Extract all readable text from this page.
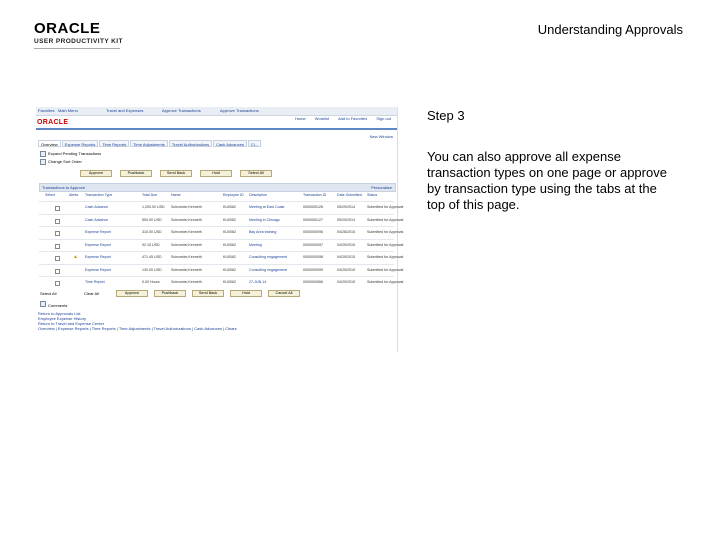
ORACLE
USER PRODUCTIVITY KIT
Understanding Approvals
Favorites Main Menu	Travel and Expenses	Approve Transactions	Approve Transactions
ORACLE
Home Worklist Add to Favorites Sign out
New Window
Overview	Expense Reports	Time Reports	Time Adjustments	Travel Authorizations	Cash Advances	Cl...
Expand Pending Transactions
Change Sort Order
Approve	Pushback	Send Back	Hold	Select All
Transactions to Approve	Personalize
Select	Alerts Transaction Type	Total Due	Name	Employee ID Description	Transaction ID	Date Submitted Status
Cash Advance	1,200.00 USD Schroeder,Kenneth	KU0062	Meeting at East Coast	0000000126	05/29/2014	Submitted for Approval
Cash Advance	500.00 USD	Schroeder,Kenneth	KU0062	Meeting in Chicago	0000000127	05/29/2014	Submitted for Approval
Expense Report	310.00 USD	Schroeder,Kenneth	KU0062	Bay Area training	0000000096	04/28/2015	Submitted for Approval
Expense Report	92.15 USD	Schroeder,Kenneth	KU0062	Meeting	0000000097	04/29/2015	Submitted for Approval
▲ Expense Report	471.45 USD	Schroeder,Kenneth	KU0062	Consulting engagement	0000000098	04/29/2015	Submitted for Approval
Expense Report	130.00 USD	Schroeder,Kenneth	KU0062	Consulting engagement	0000000099	04/29/2015	Submitted for Approval
Time Report	0.00 Hours	Schroeder,Kenneth	KU0062	27-JUN-14	0000000066	04/29/2015	Submitted for Approval
Select All	Clear All	Approve	Pushback	Send Back	Hold	Cancel All
Comments
Return to Approvals List
Employee Expense History
Return to Travel and Expense Center
Overview | Expense Reports | Time Reports | Time Adjustments | Travel Authorizations | Cash Advances | Clears
Step 3
You can also approve all expense transaction types on one page or approve by transaction type using the tabs at the top of this page.
